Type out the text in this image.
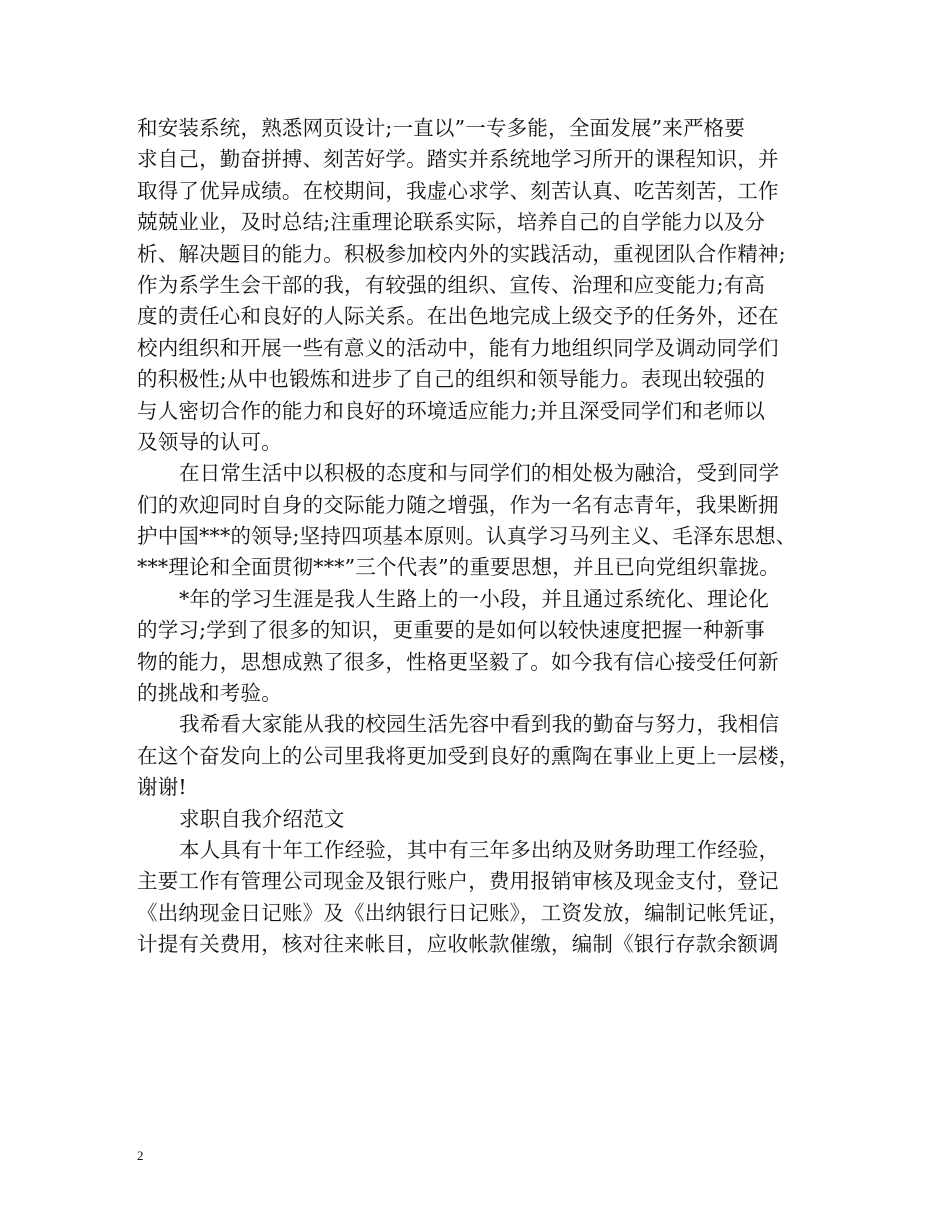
和安装系统，熟悉网页设计;一直以”一专多能，全面发展”来严格要
求自己，勤奋拼搏、刻苦好学。踏实并系统地学习所开的课程知识，并
取得了优异成绩。在校期间，我虚心求学、刻苦认真、吃苦刻苦，工作
兢兢业业，及时总结;注重理论联系实际，培养自己的自学能力以及分
析、解决题目的能力。积极参加校内外的实践活动，重视团队合作精神;
作为系学生会干部的我，有较强的组织、宣传、治理和应变能力;有高
度的责任心和良好的人际关系。在出色地完成上级交予的任务外，还在
校内组织和开展一些有意义的活动中，能有力地组织同学及调动同学们
的积极性;从中也锻炼和进步了自己的组织和领导能力。表现出较强的
与人密切合作的能力和良好的环境适应能力;并且深受同学们和老师以
及领导的认可。
在日常生活中以积极的态度和与同学们的相处极为融洽，受到同学
们的欢迎同时自身的交际能力随之增强，作为一名有志青年，我果断拥
护中国***的领导;坚持四项基本原则。认真学习马列主义、毛泽东思想、
***理论和全面贯彻***”三个代表”的重要思想，并且已向党组织靠拢。
*年的学习生涯是我人生路上的一小段，并且通过系统化、理论化
的学习;学到了很多的知识，更重要的是如何以较快速度把握一种新事
物的能力，思想成熟了很多，性格更坚毅了。如今我有信心接受任何新
的挑战和考验。
我希看大家能从我的校园生活先容中看到我的勤奋与努力，我相信
在这个奋发向上的公司里我将更加受到良好的熏陶在事业上更上一层楼，
谢谢!
求职自我介绍范文
本人具有十年工作经验，其中有三年多出纳及财务助理工作经验，
主要工作有管理公司现金及银行账户，费用报销审核及现金支付，登记
《出纳现金日记账》及《出纳银行日记账》，工资发放，编制记帐凭证，
计提有关费用，核对往来帐目，应收帐款催缴，编制《银行存款余额调
2
